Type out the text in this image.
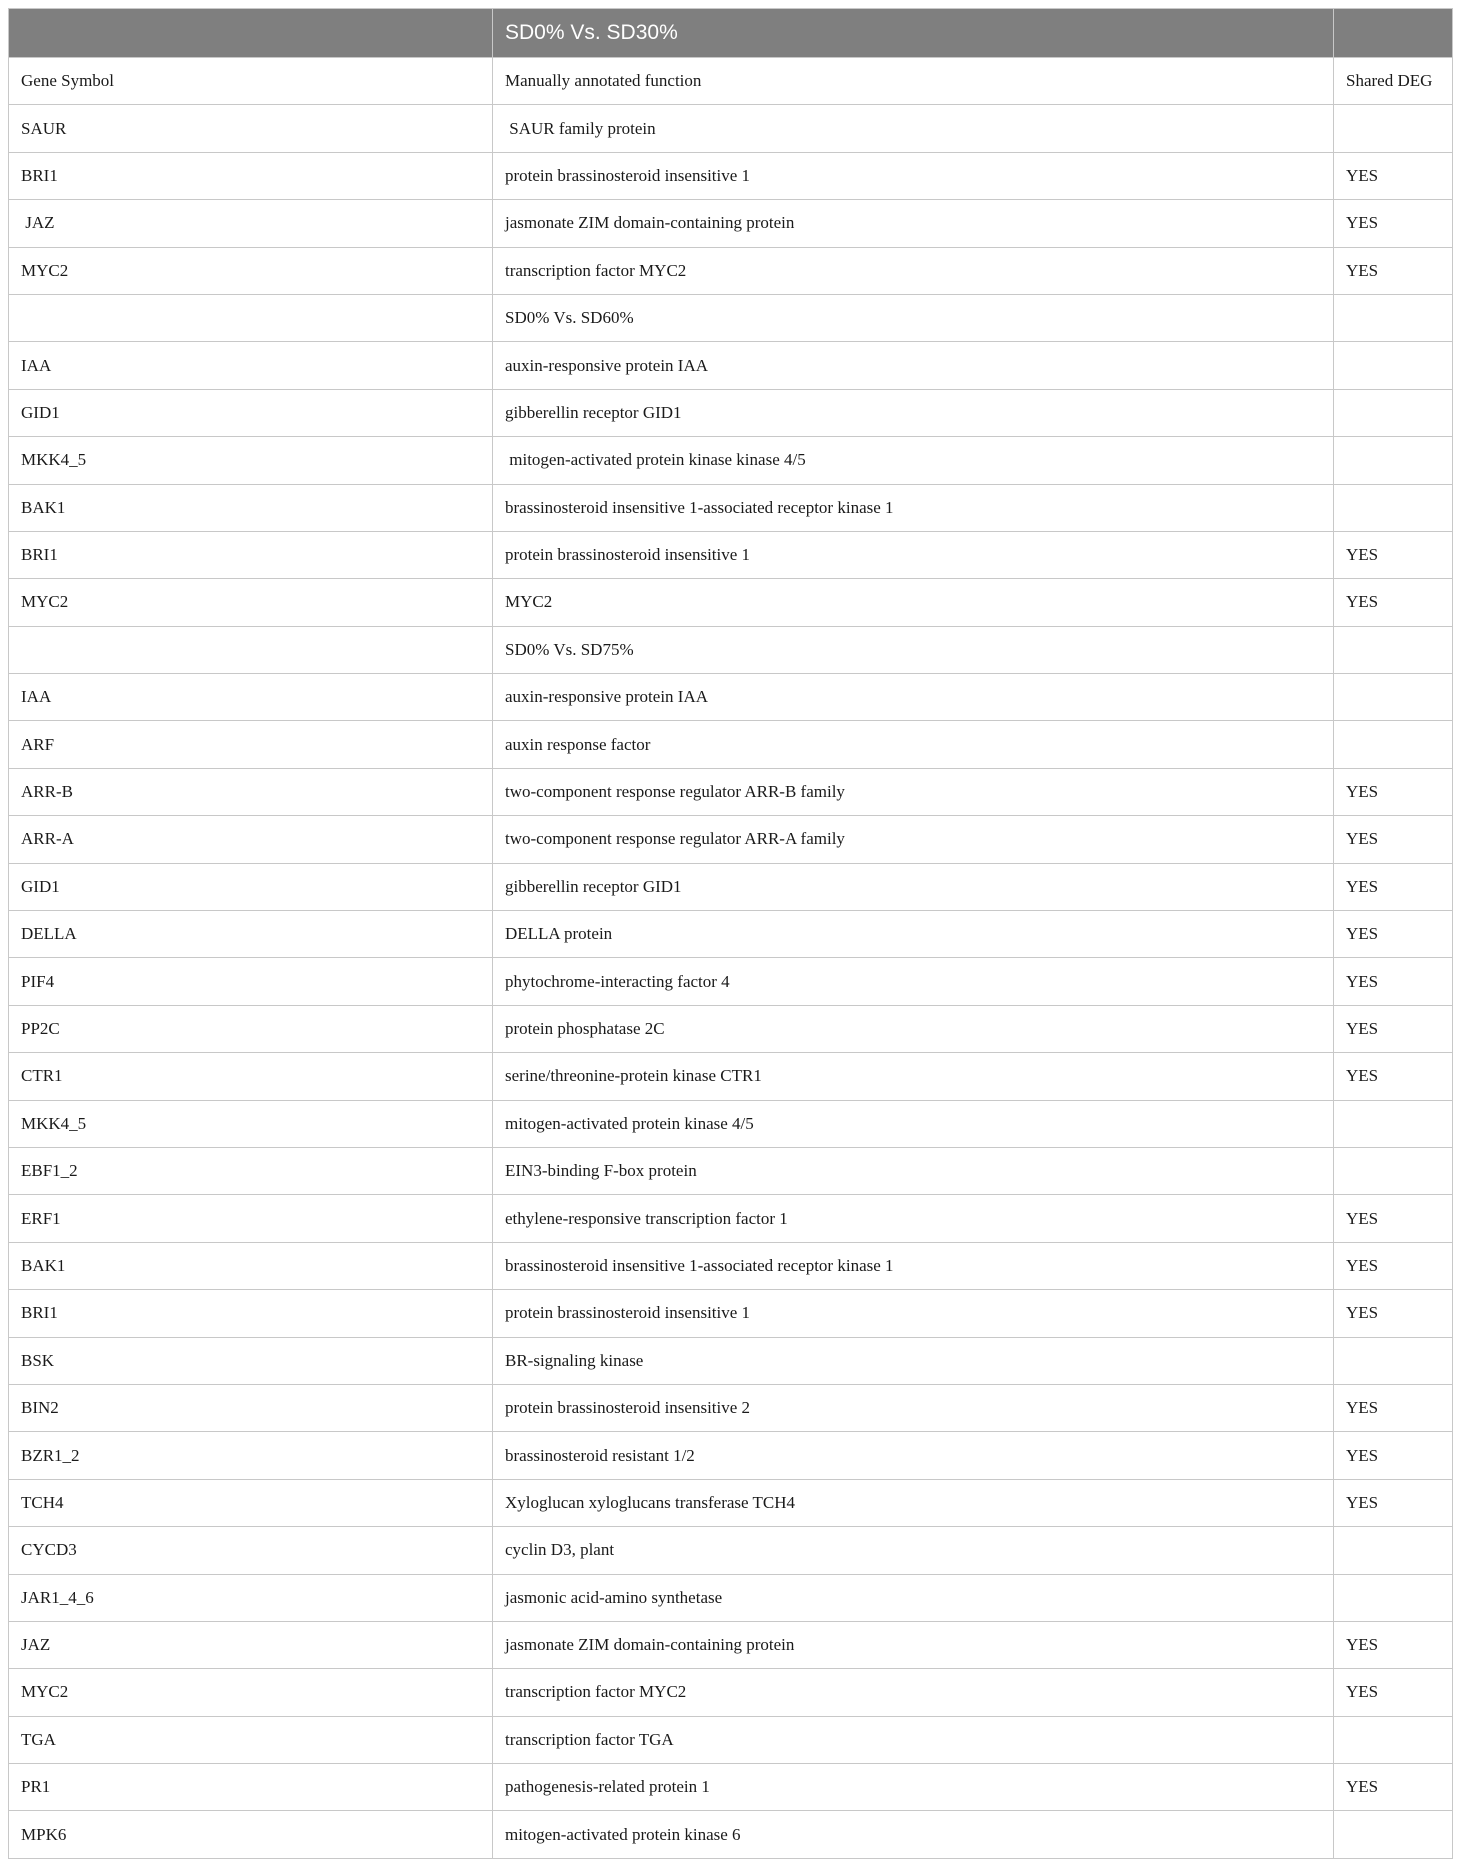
	SD0% Vs. SD30%	
Gene Symbol	Manually annotated function	Shared DEG
SAUR	SAUR family protein	
BRI1	protein brassinosteroid insensitive 1	YES
JAZ	jasmonate ZIM domain-containing protein	YES
MYC2	transcription factor MYC2	YES
	SD0% Vs. SD60%	
IAA	auxin-responsive protein IAA	
GID1	gibberellin receptor GID1	
MKK4_5	mitogen-activated protein kinase kinase 4/5	
BAK1	brassinosteroid insensitive 1-associated receptor kinase 1	
BRI1	protein brassinosteroid insensitive 1	YES
MYC2	MYC2	YES
	SD0% Vs. SD75%	
IAA	auxin-responsive protein IAA	
ARF	auxin response factor	
ARR-B	two-component response regulator ARR-B family	YES
ARR-A	two-component response regulator ARR-A family	YES
GID1	gibberellin receptor GID1	YES
DELLA	DELLA protein	YES
PIF4	phytochrome-interacting factor 4	YES
PP2C	protein phosphatase 2C	YES
CTR1	serine/threonine-protein kinase CTR1	YES
MKK4_5	mitogen-activated protein kinase 4/5	
EBF1_2	EIN3-binding F-box protein	
ERF1	ethylene-responsive transcription factor 1	YES
BAK1	brassinosteroid insensitive 1-associated receptor kinase 1	YES
BRI1	protein brassinosteroid insensitive 1	YES
BSK	BR-signaling kinase	
BIN2	protein brassinosteroid insensitive 2	YES
BZR1_2	brassinosteroid resistant 1/2	YES
TCH4	Xyloglucan xyloglucans transferase TCH4	YES
CYCD3	cyclin D3, plant	
JAR1_4_6	jasmonic acid-amino synthetase	
JAZ	jasmonate ZIM domain-containing protein	YES
MYC2	transcription factor MYC2	YES
TGA	transcription factor TGA	
PR1	pathogenesis-related protein 1	YES
MPK6	mitogen-activated protein kinase 6	
